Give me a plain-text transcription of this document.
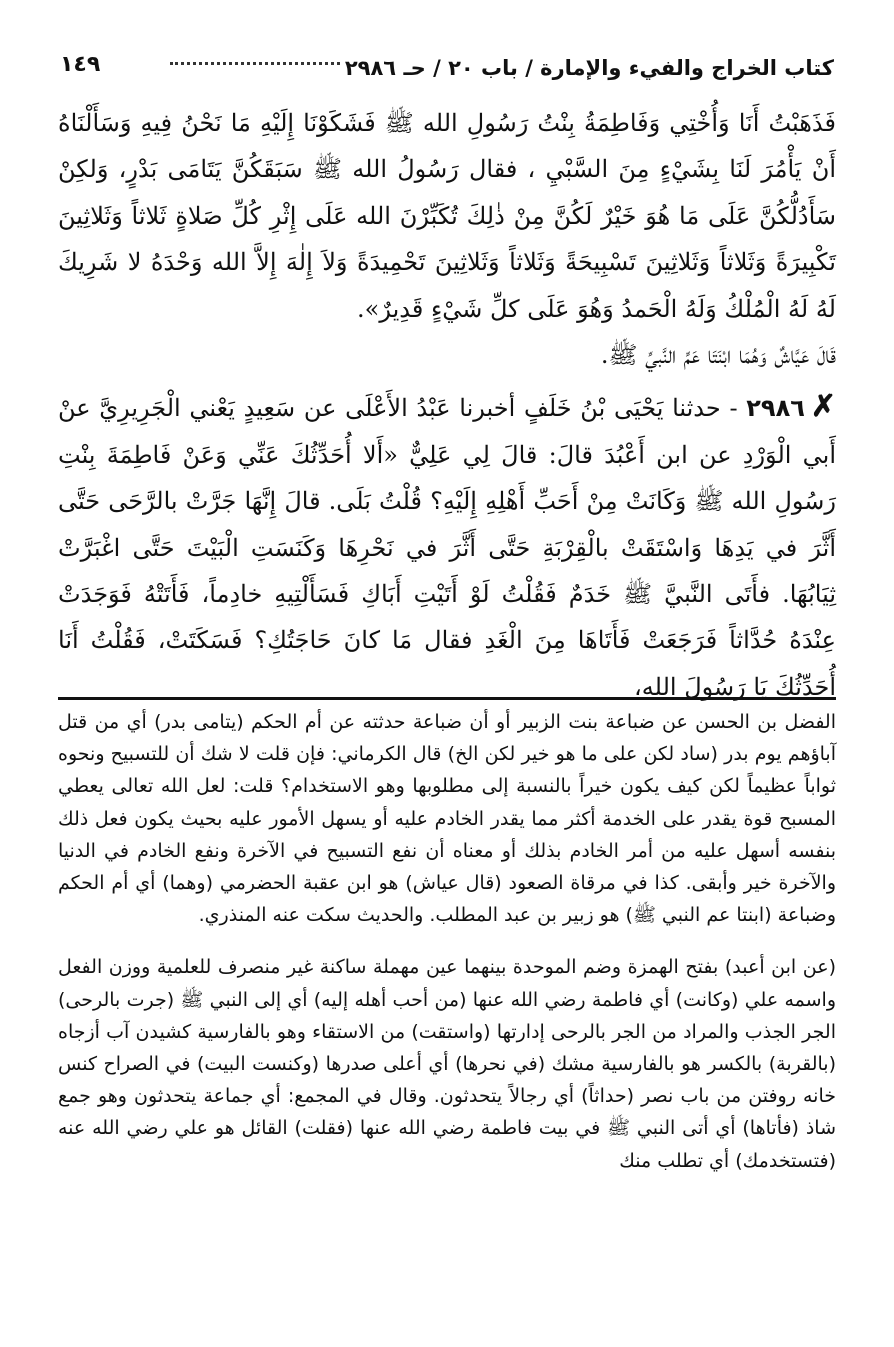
كتاب الخراج والفيء والإمارة / باب ٢٠ / حـ ٢٩٨٦
١٤٩

فَذَهَبْتُ أَنَا وَأُخْتِي وَفَاطِمَةُ بِنْتُ رَسُولِ الله ﷺ فَشَكَوْنَا إِلَيْهِ مَا نَحْنُ فِيهِ وَسَأَلْنَاهُ أَنْ يَأْمُرَ لَنَا بِشَيْءٍ مِنَ السَّبْيِ ، فقال رَسُولُ الله ﷺ سَبَقَكُنَّ يَتَامَى بَدْرٍ، وَلكِنْ سَأَدُلُّكُنَّ عَلَى مَا هُوَ خَيْرٌ لَكُنَّ مِنْ ذٰلِكَ تُكَبِّرْنَ الله عَلَى إِثْرِ كُلِّ صَلاةٍ ثَلاثاً وَثَلاثِينَ تَكْبِيرَةً وَثَلاثاً وَثَلاثِينَ تَسْبِيحَةً وَثَلاثاً وَثَلاثِينَ تَحْمِيدَةً وَلاَ إِلٰهَ إِلاَّ الله وَحْدَهُ لا شَرِيكَ لَهُ لَهُ الْمُلْكُ وَلَهُ الْحَمدُ وَهُوَ عَلَى كلِّ شَيْءٍ قَدِيرٌ».

قَالَ عَيَّاشٌ وَهُمَا ابْنَتَا عَمِّ النَّبيِّ ﷺ.

✗٢٩٨٦ - حدثنا يَحْيَى بْنُ خَلَفٍ أخبرنا عَبْدُ الأَعْلَى عن سَعِيدٍ يَعْني الْجَرِيرِيَّ عنْ أَبي الْوَرْدِ عن ابن أَعْبُدَ قالَ: قالَ لِي عَلِيٌّ «أَلا أُحَدِّثُكَ عَنِّي وَعَنْ فَاطِمَةَ بِنْتِ رَسُولِ الله ﷺ وَكَانَتْ مِنْ أَحَبِّ أَهْلِهِ إِلَيْهِ؟ قُلْتُ بَلَى. قالَ إِنَّهَا جَرَّتْ بالرَّحَى حَتَّى أَثَّرَ في يَدِهَا وَاسْتَقَتْ بالْقِرْبَةِ حَتَّى أَثَّرَ في نَحْرِهَا وَكَنَسَتِ الْبَيْتَ حَتَّى اغْبَرَّتْ ثِيَابُهَا. فأَتَى النَّبيَّ ﷺ خَدَمٌ فَقُلْتُ لَوْ أَتَيْتِ أَبَاكِ فَسَأَلْتِيهِ خادِماً، فَأَتَتْهُ فَوَجَدَتْ عِنْدَهُ حُدَّاثاً فَرَجَعَتْ فَأَتَاهَا مِنَ الْغَدِ فقال مَا كانَ حَاجَتُكِ؟ فَسَكَتَتْ، فَقُلْتُ أَنَا أُحَدِّثُكَ يَا رَسُولَ الله،

الفضل بن الحسن عن ضباعة بنت الزبير أو أن ضباعة حدثته عن أم الحكم (يتامى بدر) أي من قتل آباؤهم يوم بدر (ساد لكن على ما هو خير لكن الخ) قال الكرماني: فإن قلت لا شك أن للتسبيح ونحوه ثواباً عظيماً لكن كيف يكون خيراً بالنسبة إلى مطلوبها وهو الاستخدام؟ قلت: لعل الله تعالى يعطي المسبح قوة يقدر على الخدمة أكثر مما يقدر الخادم عليه أو يسهل الأمور عليه بحيث يكون فعل ذلك بنفسه أسهل عليه من أمر الخادم بذلك أو معناه أن نفع التسبيح في الآخرة ونفع الخادم في الدنيا والآخرة خير وأبقى. كذا في مرقاة الصعود (قال عياش) هو ابن عقبة الحضرمي (وهما) أي أم الحكم وضباعة (ابنتا عم النبي ﷺ) هو زبير بن عبد المطلب. والحديث سكت عنه المنذري.

(عن ابن أعبد) بفتح الهمزة وضم الموحدة بينهما عين مهملة ساكنة غير منصرف للعلمية ووزن الفعل واسمه علي (وكانت) أي فاطمة رضي الله عنها (من أحب أهله إليه) أي إلى النبي ﷺ (جرت بالرحى) الجر الجذب والمراد من الجر بالرحى إدارتها (واستقت) من الاستقاء وهو بالفارسية كشيدن آب أزجاه (بالقربة) بالكسر هو بالفارسية مشك (في نحرها) أي أعلى صدرها (وكنست البيت) في الصراح كنس خانه روفتن من باب نصر (حداثاً) أي رجالاً يتحدثون. وقال في المجمع: أي جماعة يتحدثون وهو جمع شاذ (فأتاها) أي أتى النبي ﷺ في بيت فاطمة رضي الله عنها (فقلت) القائل هو علي رضي الله عنه (فتستخدمك) أي تطلب منك
